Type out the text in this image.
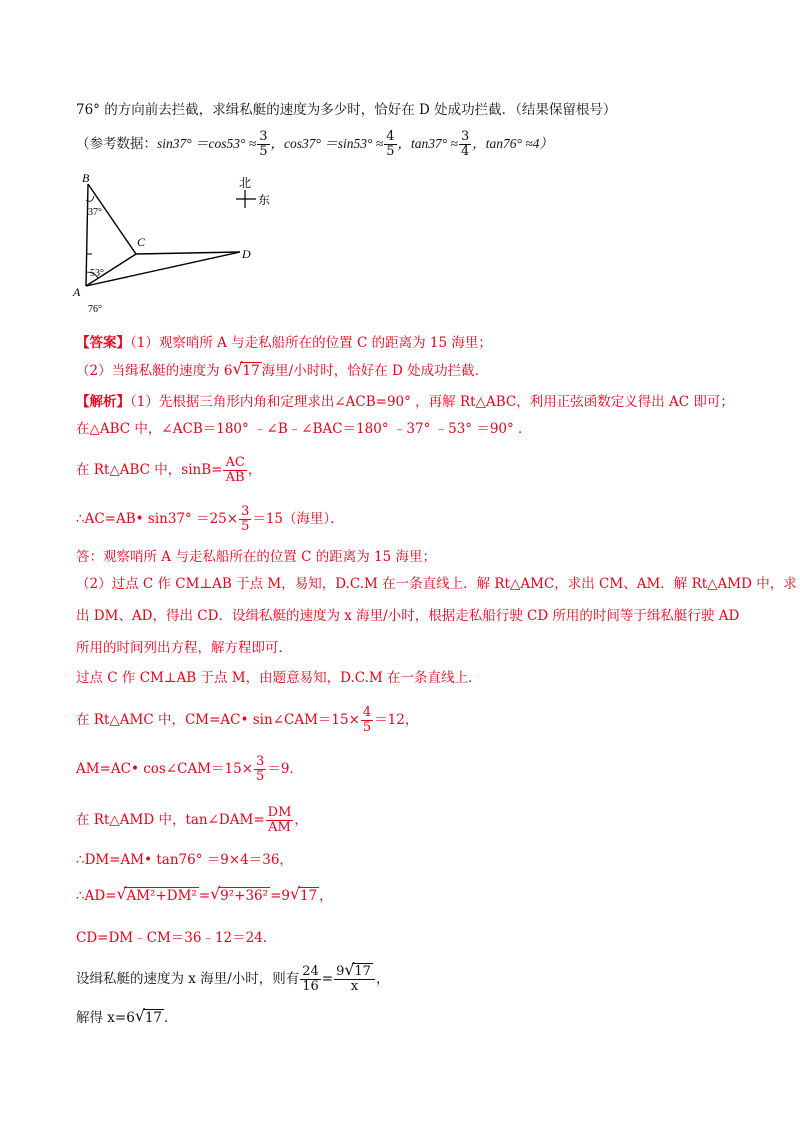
76° 的方向前去拦截，求缉私艇的速度为多少时，恰好在 D 处成功拦截．（结果保留根号）
（参考数据：$\sin 37^\circ =\cos 53^\circ \approx \frac{3}{5}$ ，$\cos 37^\circ =\sin 53^\circ \approx \frac{4}{5}$ ，$\tan 37^\circ \approx \frac{3}{4}$ ，tan76° ≈4）
B
C
D
A
37°
53°
76°
北
东
【答案】（1）观察哨所 A 与走私船所在的位置 C 的距离为 15 海里；
（2）当缉私艇的速度为 6 √ 17 海里/小时时，恰好在 D 处成功拦截．
【解析】（1）先根据三角形内角和定理求出∠ACB=90° ，再解 Rt△ABC，利用正弦函数定义得出 AC 即可；
在△ABC 中，∠ACB＝180° ﹣∠B﹣∠BAC＝180° ﹣37° ﹣53° ＝90° ．
在 Rt△ABC 中，$\sin B= \frac{AC}{AB}$ ，
∴AC=AB• $\sin 37^\circ =25\times \frac{3}{5} =15$（海里）．
答：观察哨所 A 与走私船所在的位置 C 的距离为 15 海里；
（2）过点 C 作 CM⊥AB 于点 M，易知，D.C.M 在一条直线上．解 Rt△AMC，求出 CM、AM．解 Rt△AMD 中，求
出 DM、AD，得出 CD．设缉私艇的速度为 x 海里/小时，根据走私船行驶 CD 所用的时间等于缉私艇行驶 AD
所用的时间列出方程，解方程即可．
过点 C 作 CM⊥AB 于点 M，由题意易知，D.C.M 在一条直线上．
在 Rt△AMC 中，CM=AC• sin∠CAM＝15× $\frac{4}{5} =12$，
AM=AC• cos∠CAM＝15× $\frac{3}{5} =9$．
在 Rt△AMD 中，tan∠DAM= $\frac{DM}{AM}$ ，
∴DM=AM• tan76° ＝9×4＝36，
∴AD= √ AM²+DM² = √ 9²+36² =9 √ 17 ，
CD=DM﹣CM＝36﹣12＝24．
设缉私艇的速度为 x 海里/小时，则有 $\frac{24}{16} = \frac{9 √ 17}{x}$ ，
解得 x=6 √ 17 ．
